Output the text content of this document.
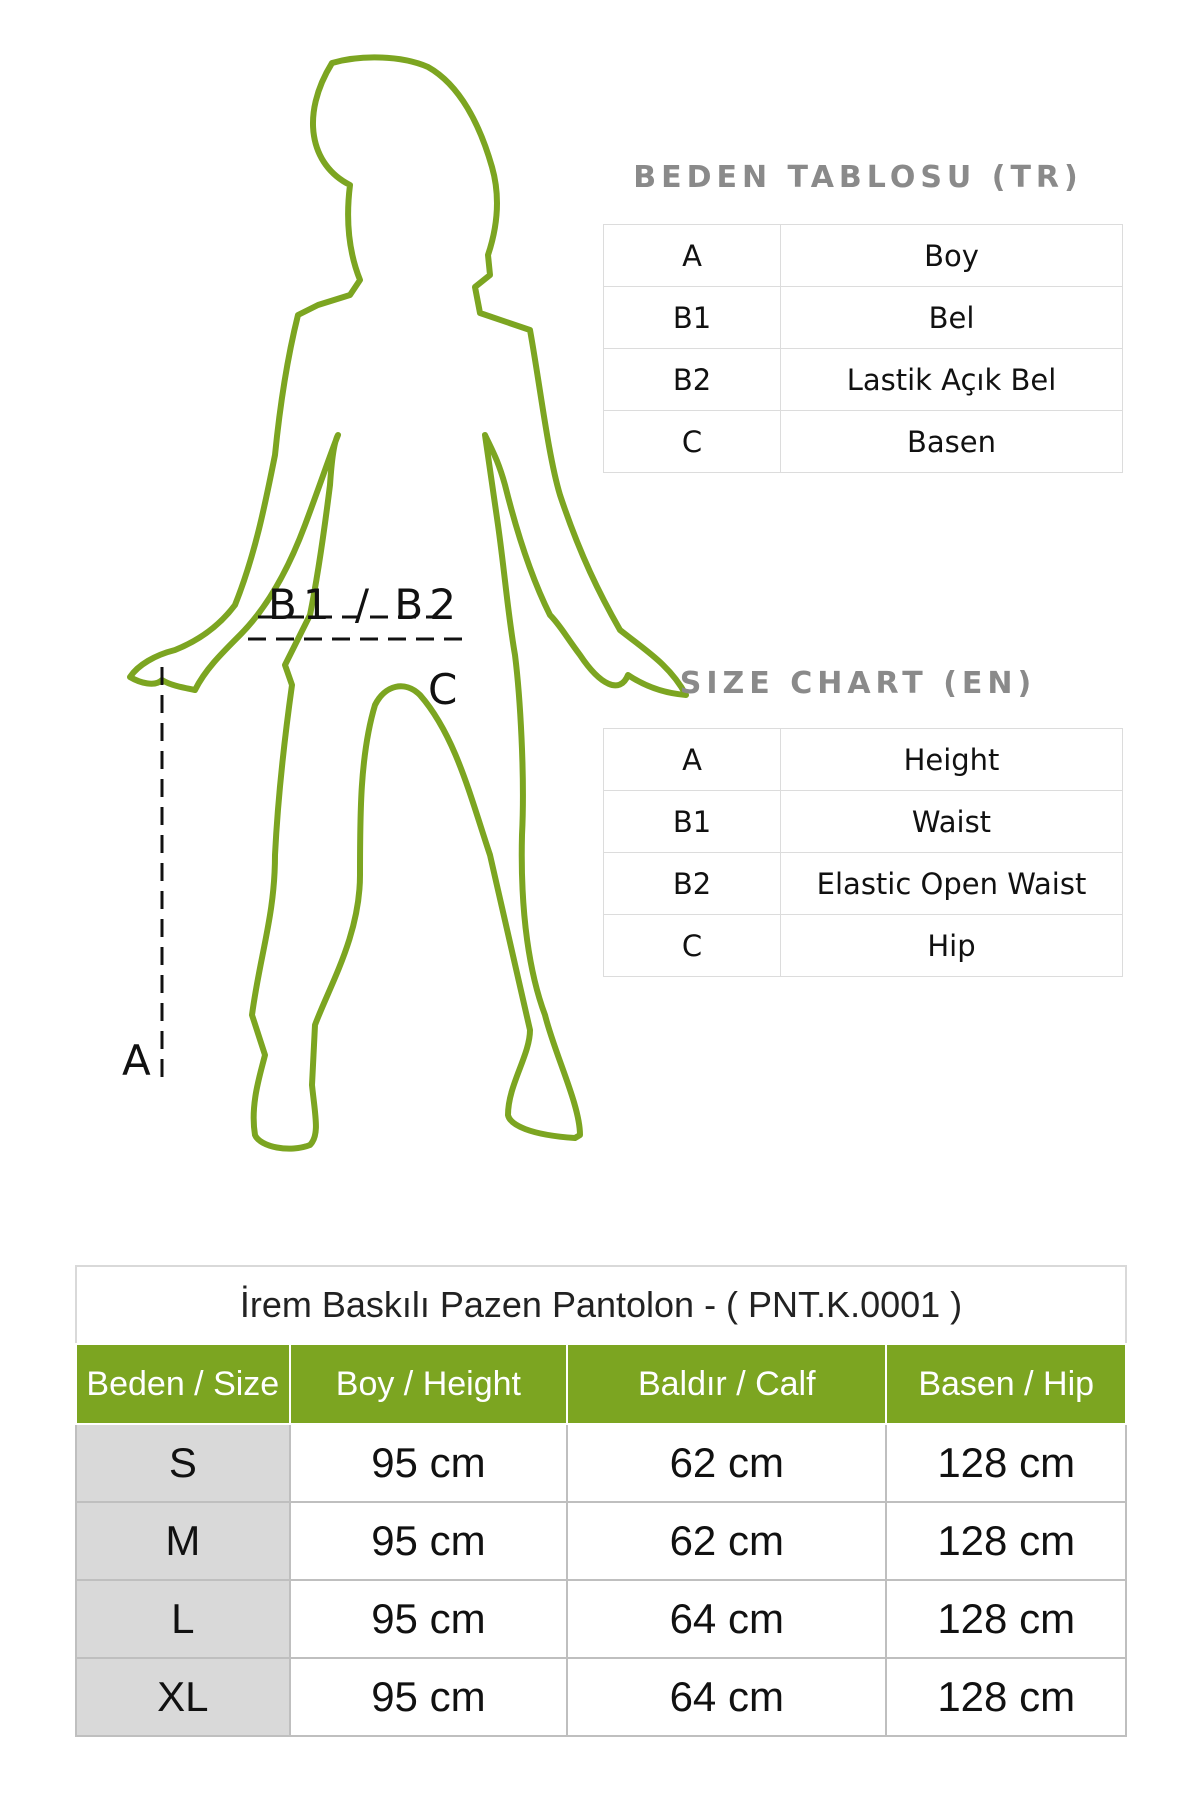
B1 / B2
C
A
BEDEN TABLOSU (TR)
A	Boy
B1	Bel
B2	Lastik Açık Bel
C	Basen
SIZE CHART (EN)
A	Height
B1	Waist
B2	Elastic Open Waist
C	Hip
İrem Baskılı Pazen Pantolon - ( PNT.K.0001 )
Beden / Size	Boy / Height	Baldır / Calf	Basen / Hip
S	95 cm	62 cm	128 cm
M	95 cm	62 cm	128 cm
L	95 cm	64 cm	128 cm
XL	95 cm	64 cm	128 cm
